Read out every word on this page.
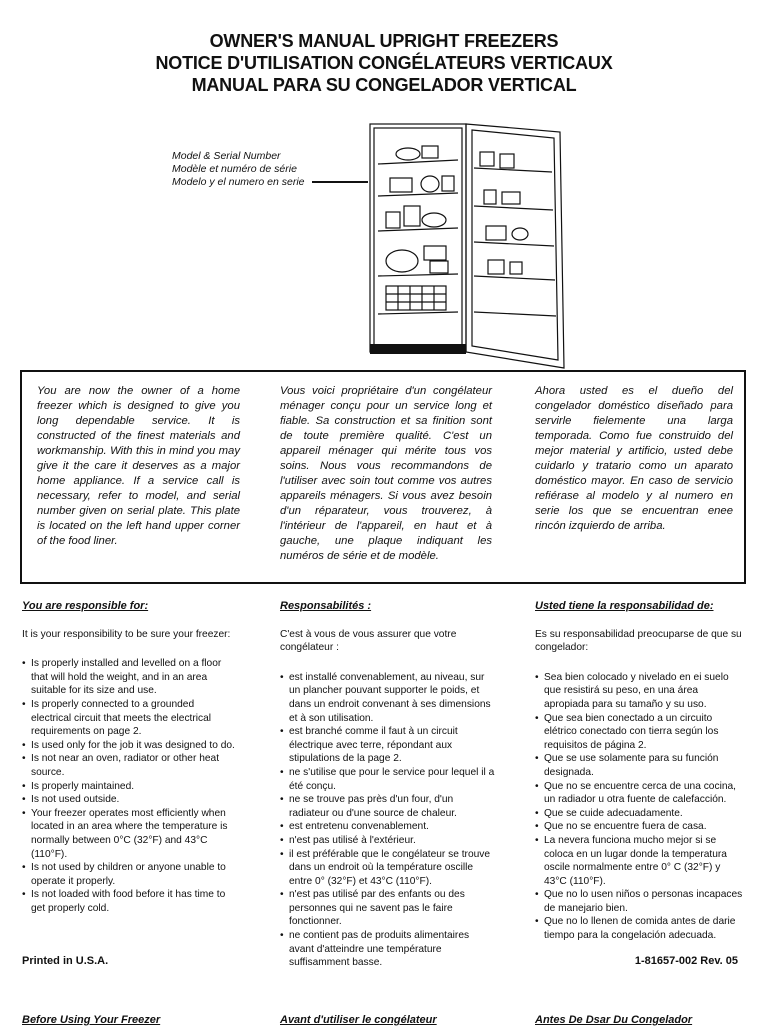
OWNER'S MANUAL UPRIGHT FREEZERS
NOTICE D'UTILISATION CONGÉLATEURS VERTICAUX
MANUAL PARA SU CONGELADOR VERTICAL
Model & Serial Number
Modèle et numéro de série
Modelo y el numero en serie
You are now the owner of a home freezer which is designed to give you long dependable service. It is constructed of the finest materials and workmanship. With this in mind you may give it the care it deserves as a major home appliance. If a service call is necessary, refer to model, and serial number given on serial plate. This plate is located on the left hand upper corner of the food liner.
Vous voici propriétaire d'un congélateur ménager conçu pour un service long et fiable. Sa construction et sa finition sont de toute première qualité. C'est un appareil ménager qui mérite tous vos soins. Nous vous recommandons de l'utiliser avec soin tout comme vos autres appareils ménagers. Si vous avez besoin d'un réparateur, vous trouverez, à l'intérieur de l'appareil, en haut et à gauche, une plaque indiquant les numéros de série et de modèle.
Ahora usted es el dueño del congelador doméstico diseñado para servirle fielemente una larga temporada. Como fue construido del mejor material y artificio, usted debe cuidarlo y tratario como un aparato doméstico mayor. En caso de servicio refiérase al modelo y al numero en serie los que se encuentran enee rincón izquierdo de arriba.
You are responsible for:
It is your responsibility to be sure your freezer:
• Is properly installed and levelled on a floor that will hold the weight, and in an area suitable for its size and use.
• Is properly connected to a grounded electrical circuit that meets the electrical requirements on page 2.
• Is used only for the job it was designed to do.
• Is not near an oven, radiator or other heat source.
• Is properly maintained.
• Is not used outside.
• Your freezer operates most efficiently when located in an area where the temperature is normally between 0°C (32°F) and 43°C (110°F).
• Is not used by children or anyone unable to operate it properly.
• Is not loaded with food before it has time to get properly cold.
Responsabilités :
C'est à vous de vous assurer que votre congélateur :
• est installé convenablement, au niveau, sur un plancher pouvant supporter le poids, et dans un endroit convenant à ses dimensions et à son utilisation.
• est branché comme il faut à un circuit électrique avec terre, répondant aux stipulations de la page 2.
• ne s'utilise que pour le service pour lequel il a été conçu.
• ne se trouve pas près d'un four, d'un radiateur ou d'une source de chaleur.
• est entretenu convenablement.
• n'est pas utilisé à l'extérieur.
• il est préférable que le congélateur se trouve dans un endroit où la température oscille entre 0° (32°F) et 43°C (110°F).
• n'est pas utilisé par des enfants ou des personnes qui ne savent pas le faire fonctionner.
• ne contient pas de produits alimentaires avant d'atteindre une température suffisamment basse.
Usted tiene la responsabilidad de:
Es su responsabilidad preocuparse de que su congelador:
• Sea bien colocado y nivelado en ei suelo que resistirá su peso, en una área apropiada para su tamaño y su uso.
• Que sea bien conectado a un circuito elétrico conectado con tierra según los requisitos de página 2.
• Que se use solamente para su función designada.
• Que no se encuentre cerca de una cocina, un radiador u otra fuente de calefacción.
• Que se cuide adecuadamente.
• Que no se encuentre fuera de casa.
• La nevera funciona mucho mejor si se coloca en un lugar donde la temperatura oscile normalmente entre 0° C (32°F) y 43°C (110°F).
• Que no lo usen niños o personas incapaces de manejario bien.
• Que no lo llenen de comida antes de darie tiempo para la congelación adecuada.
Printed in U.S.A.	1-81657-002 Rev. 05
Before Using Your Freezer	Avant d'utiliser le congélateur	Antes De Dsar Du Congelador
